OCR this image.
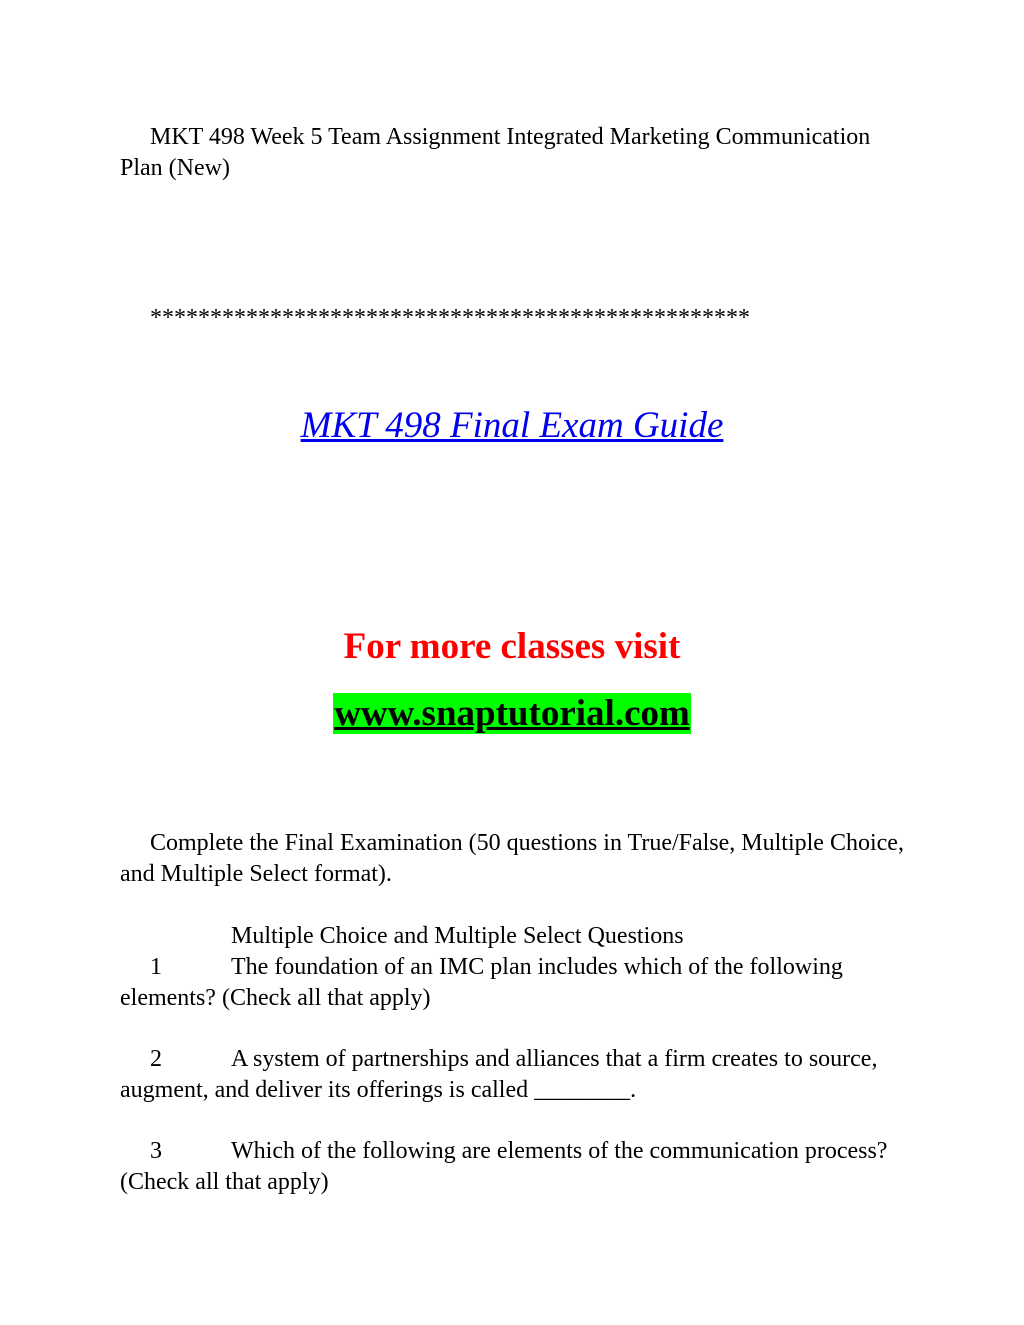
MKT 498 Week 5 Team Assignment Integrated Marketing Communication Plan (New)

**************************************************

MKT 498 Final Exam Guide

For more classes visit

www.snaptutorial.com

Complete the Final Examination (50 questions in True/False, Multiple Choice, and Multiple Select format).

Multiple Choice and Multiple Select Questions

1	The foundation of an IMC plan includes which of the following elements? (Check all that apply)

2	A system of partnerships and alliances that a firm creates to source, augment, and deliver its offerings is called ________.

3	Which of the following are elements of the communication process? (Check all that apply)
